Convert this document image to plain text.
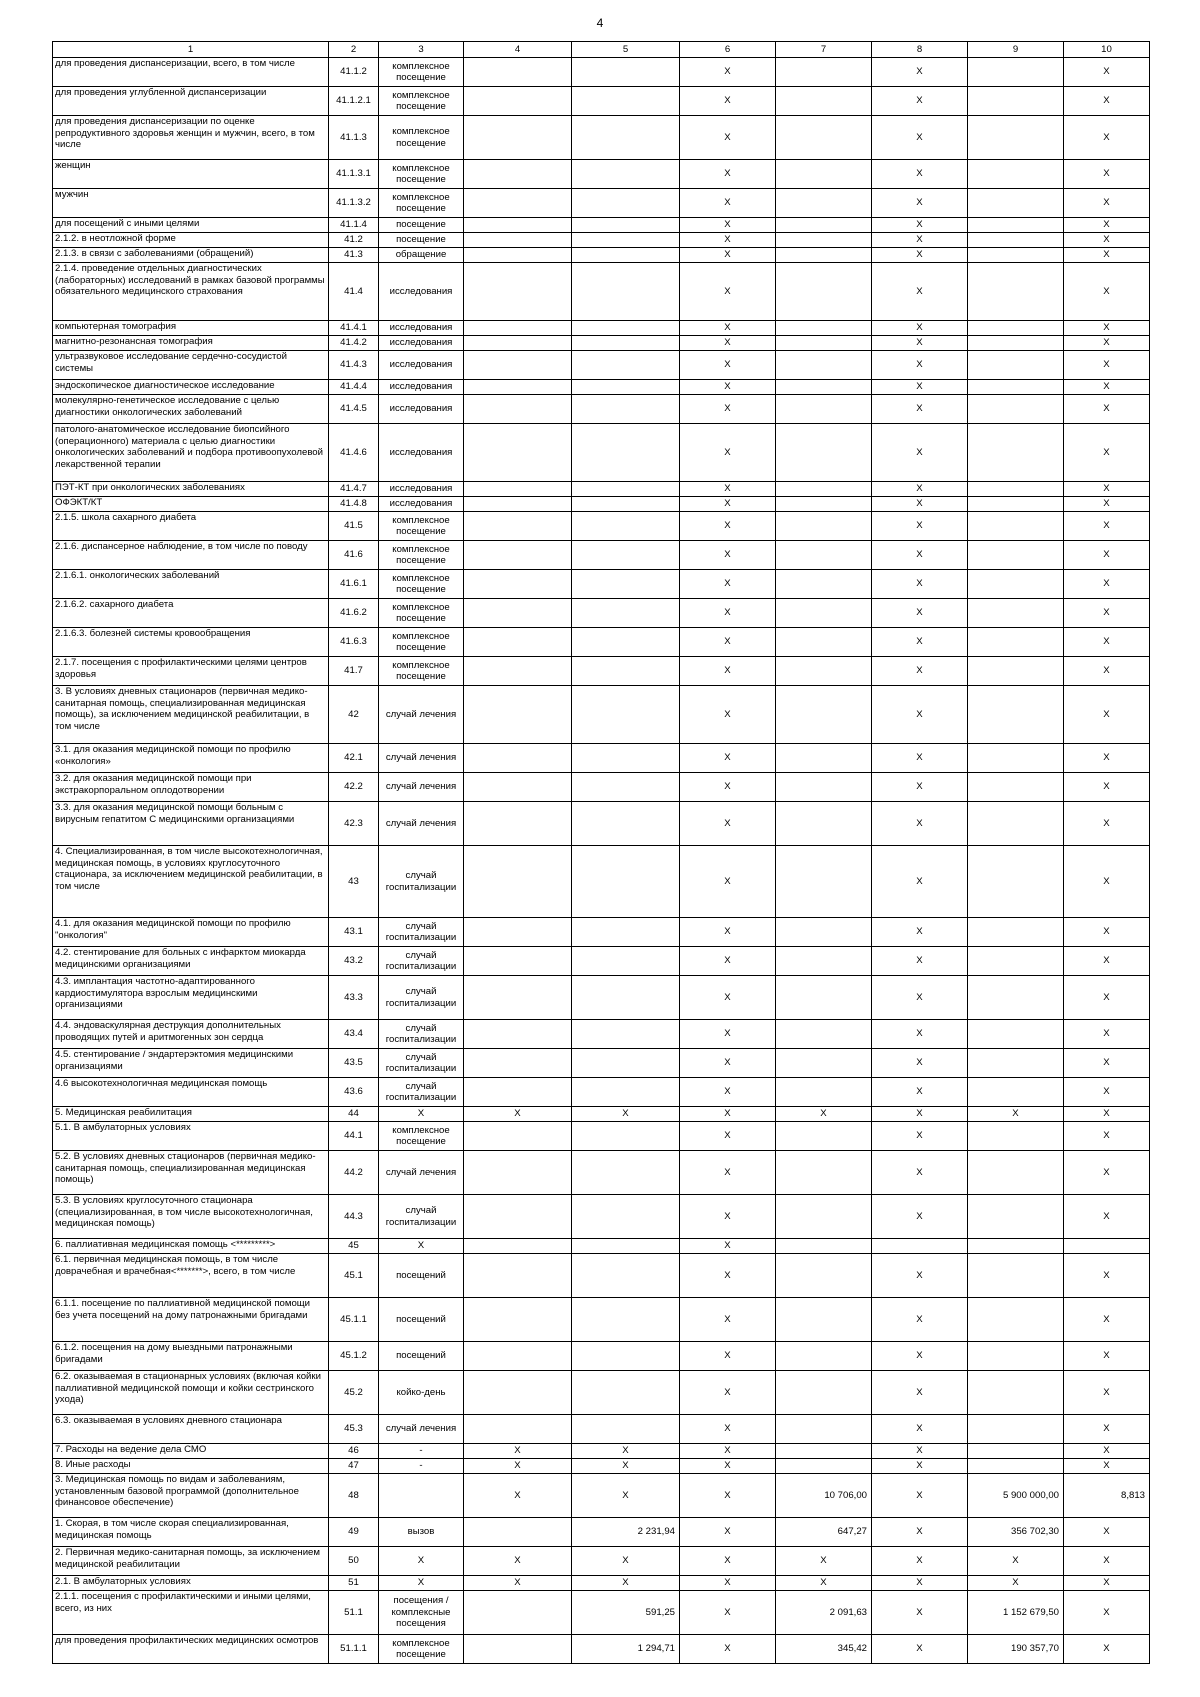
4
1	2	3	4	5	6	7	8	9	10
для проведения диспансеризации, всего, в том числе	41.1.2	комплексное посещение			X		X		X
для проведения углубленной диспансеризации	41.1.2.1	комплексное посещение			X		X		X
для проведения диспансеризации по оценке репродуктивного здоровья женщин и мужчин, всего, в том числе	41.1.3	комплексное посещение			X		X		X
женщин	41.1.3.1	комплексное посещение			X		X		X
мужчин	41.1.3.2	комплексное посещение			X		X		X
для посещений с иными целями	41.1.4	посещение			X		X		X
2.1.2. в неотложной форме	41.2	посещение			X		X		X
2.1.3. в связи с заболеваниями (обращений)	41.3	обращение			X		X		X
2.1.4. проведение отдельных диагностических (лабораторных) исследований в рамках базовой программы обязательного медицинского страхования	41.4	исследования			X		X		X
компьютерная томография	41.4.1	исследования			X		X		X
магнитно-резонансная томография	41.4.2	исследования			X		X		X
ультразвуковое исследование сердечно-сосудистой системы	41.4.3	исследования			X		X		X
эндоскопическое диагностическое исследование	41.4.4	исследования			X		X		X
молекулярно-генетическое исследование с целью диагностики онкологических заболеваний	41.4.5	исследования			X		X		X
патолого-анатомическое исследование биопсийного (операционного) материала с целью диагностики онкологических заболеваний и подбора противоопухолевой лекарственной терапии	41.4.6	исследования			X		X		X
ПЭТ-КТ при онкологических заболеваниях	41.4.7	исследования			X		X		X
ОФЭКТ/КТ	41.4.8	исследования			X		X		X
2.1.5. школа сахарного диабета	41.5	комплексное посещение			X		X		X
2.1.6. диспансерное наблюдение, в том числе по поводу	41.6	комплексное посещение			X		X		X
2.1.6.1. онкологических заболеваний	41.6.1	комплексное посещение			X		X		X
2.1.6.2. сахарного диабета	41.6.2	комплексное посещение			X		X		X
2.1.6.3. болезней системы кровообращения	41.6.3	комплексное посещение			X		X		X
2.1.7. посещения с профилактическими целями центров здоровья	41.7	комплексное посещение			X		X		X
3. В условиях дневных стационаров (первичная медико-санитарная помощь, специализированная медицинская помощь), за исключением медицинской реабилитации, в том числе	42	случай лечения			X		X		X
3.1. для оказания медицинской помощи по профилю «онкология»	42.1	случай лечения			X		X		X
3.2. для оказания медицинской помощи при экстракорпоральном оплодотворении	42.2	случай лечения			X		X		X
3.3. для оказания медицинской помощи больным с вирусным гепатитом С медицинскими организациями	42.3	случай лечения			X		X		X
4. Специализированная, в том числе высокотехнологичная, медицинская помощь, в условиях круглосуточного стационара, за исключением медицинской реабилитации, в том числе	43	случай госпитализации			X		X		X
4.1. для оказания медицинской помощи по профилю "онкология"	43.1	случай госпитализации			X		X		X
4.2. стентирование для больных с инфарктом миокарда медицинскими организациями	43.2	случай госпитализации			X		X		X
4.3. имплантация частотно-адаптированного кардиостимулятора взрослым медицинскими организациями	43.3	случай госпитализации			X		X		X
4.4. эндоваскулярная деструкция дополнительных проводящих путей и аритмогенных зон сердца	43.4	случай госпитализации			X		X		X
4.5. стентирование / эндартерэктомия медицинскими организациями	43.5	случай госпитализации			X		X		X
4.6 высокотехнологичная медицинская помощь	43.6	случай госпитализации			X		X		X
5. Медицинская реабилитация	44	X	X	X	X	X	X	X	X
5.1. В амбулаторных условиях	44.1	комплексное посещение			X		X		X
5.2. В условиях дневных стационаров (первичная медико-санитарная помощь, специализированная медицинская помощь)	44.2	случай лечения			X		X		X
5.3. В условиях круглосуточного стационара (специализированная, в том числе высокотехнологичная, медицинская помощь)	44.3	случай госпитализации			X		X		X
6. паллиативная медицинская помощь <*********>	45	X			X				
6.1. первичная медицинская помощь, в том числе доврачебная и врачебная<*******>, всего, в том числе	45.1	посещений			X		X		X
6.1.1. посещение по паллиативной медицинской помощи без учета посещений на дому патронажными бригадами	45.1.1	посещений			X		X		X
6.1.2. посещения на дому выездными патронажными бригадами	45.1.2	посещений			X		X		X
6.2. оказываемая в стационарных условиях (включая койки паллиативной медицинской помощи и койки сестринского ухода)	45.2	койко-день			X		X		X
6.3. оказываемая в условиях дневного стационара	45.3	случай лечения			X		X		X
7. Расходы на ведение дела СМО	46	-	X	X	X		X		X
8. Иные расходы	47	-	X	X	X		X		X
3. Медицинская помощь по видам и заболеваниям, установленным базовой программой (дополнительное финансовое обеспечение)	48		X	X	X	10 706,00	X	5 900 000,00	8,813
1. Скорая, в том числе скорая специализированная, медицинская помощь	49	вызов		2 231,94	X	647,27	X	356 702,30	X
2. Первичная медико-санитарная помощь, за исключением медицинской реабилитации	50	X	X	X	X	X	X	X	X
2.1. В амбулаторных условиях	51	X	X	X	X	X	X	X	X
2.1.1. посещения с профилактическими и иными целями, всего, из них	51.1	посещения / комплексные посещения		591,25	X	2 091,63	X	1 152 679,50	X
для проведения профилактических медицинских осмотров	51.1.1	комплексное посещение		1 294,71	X	345,42	X	190 357,70	X
